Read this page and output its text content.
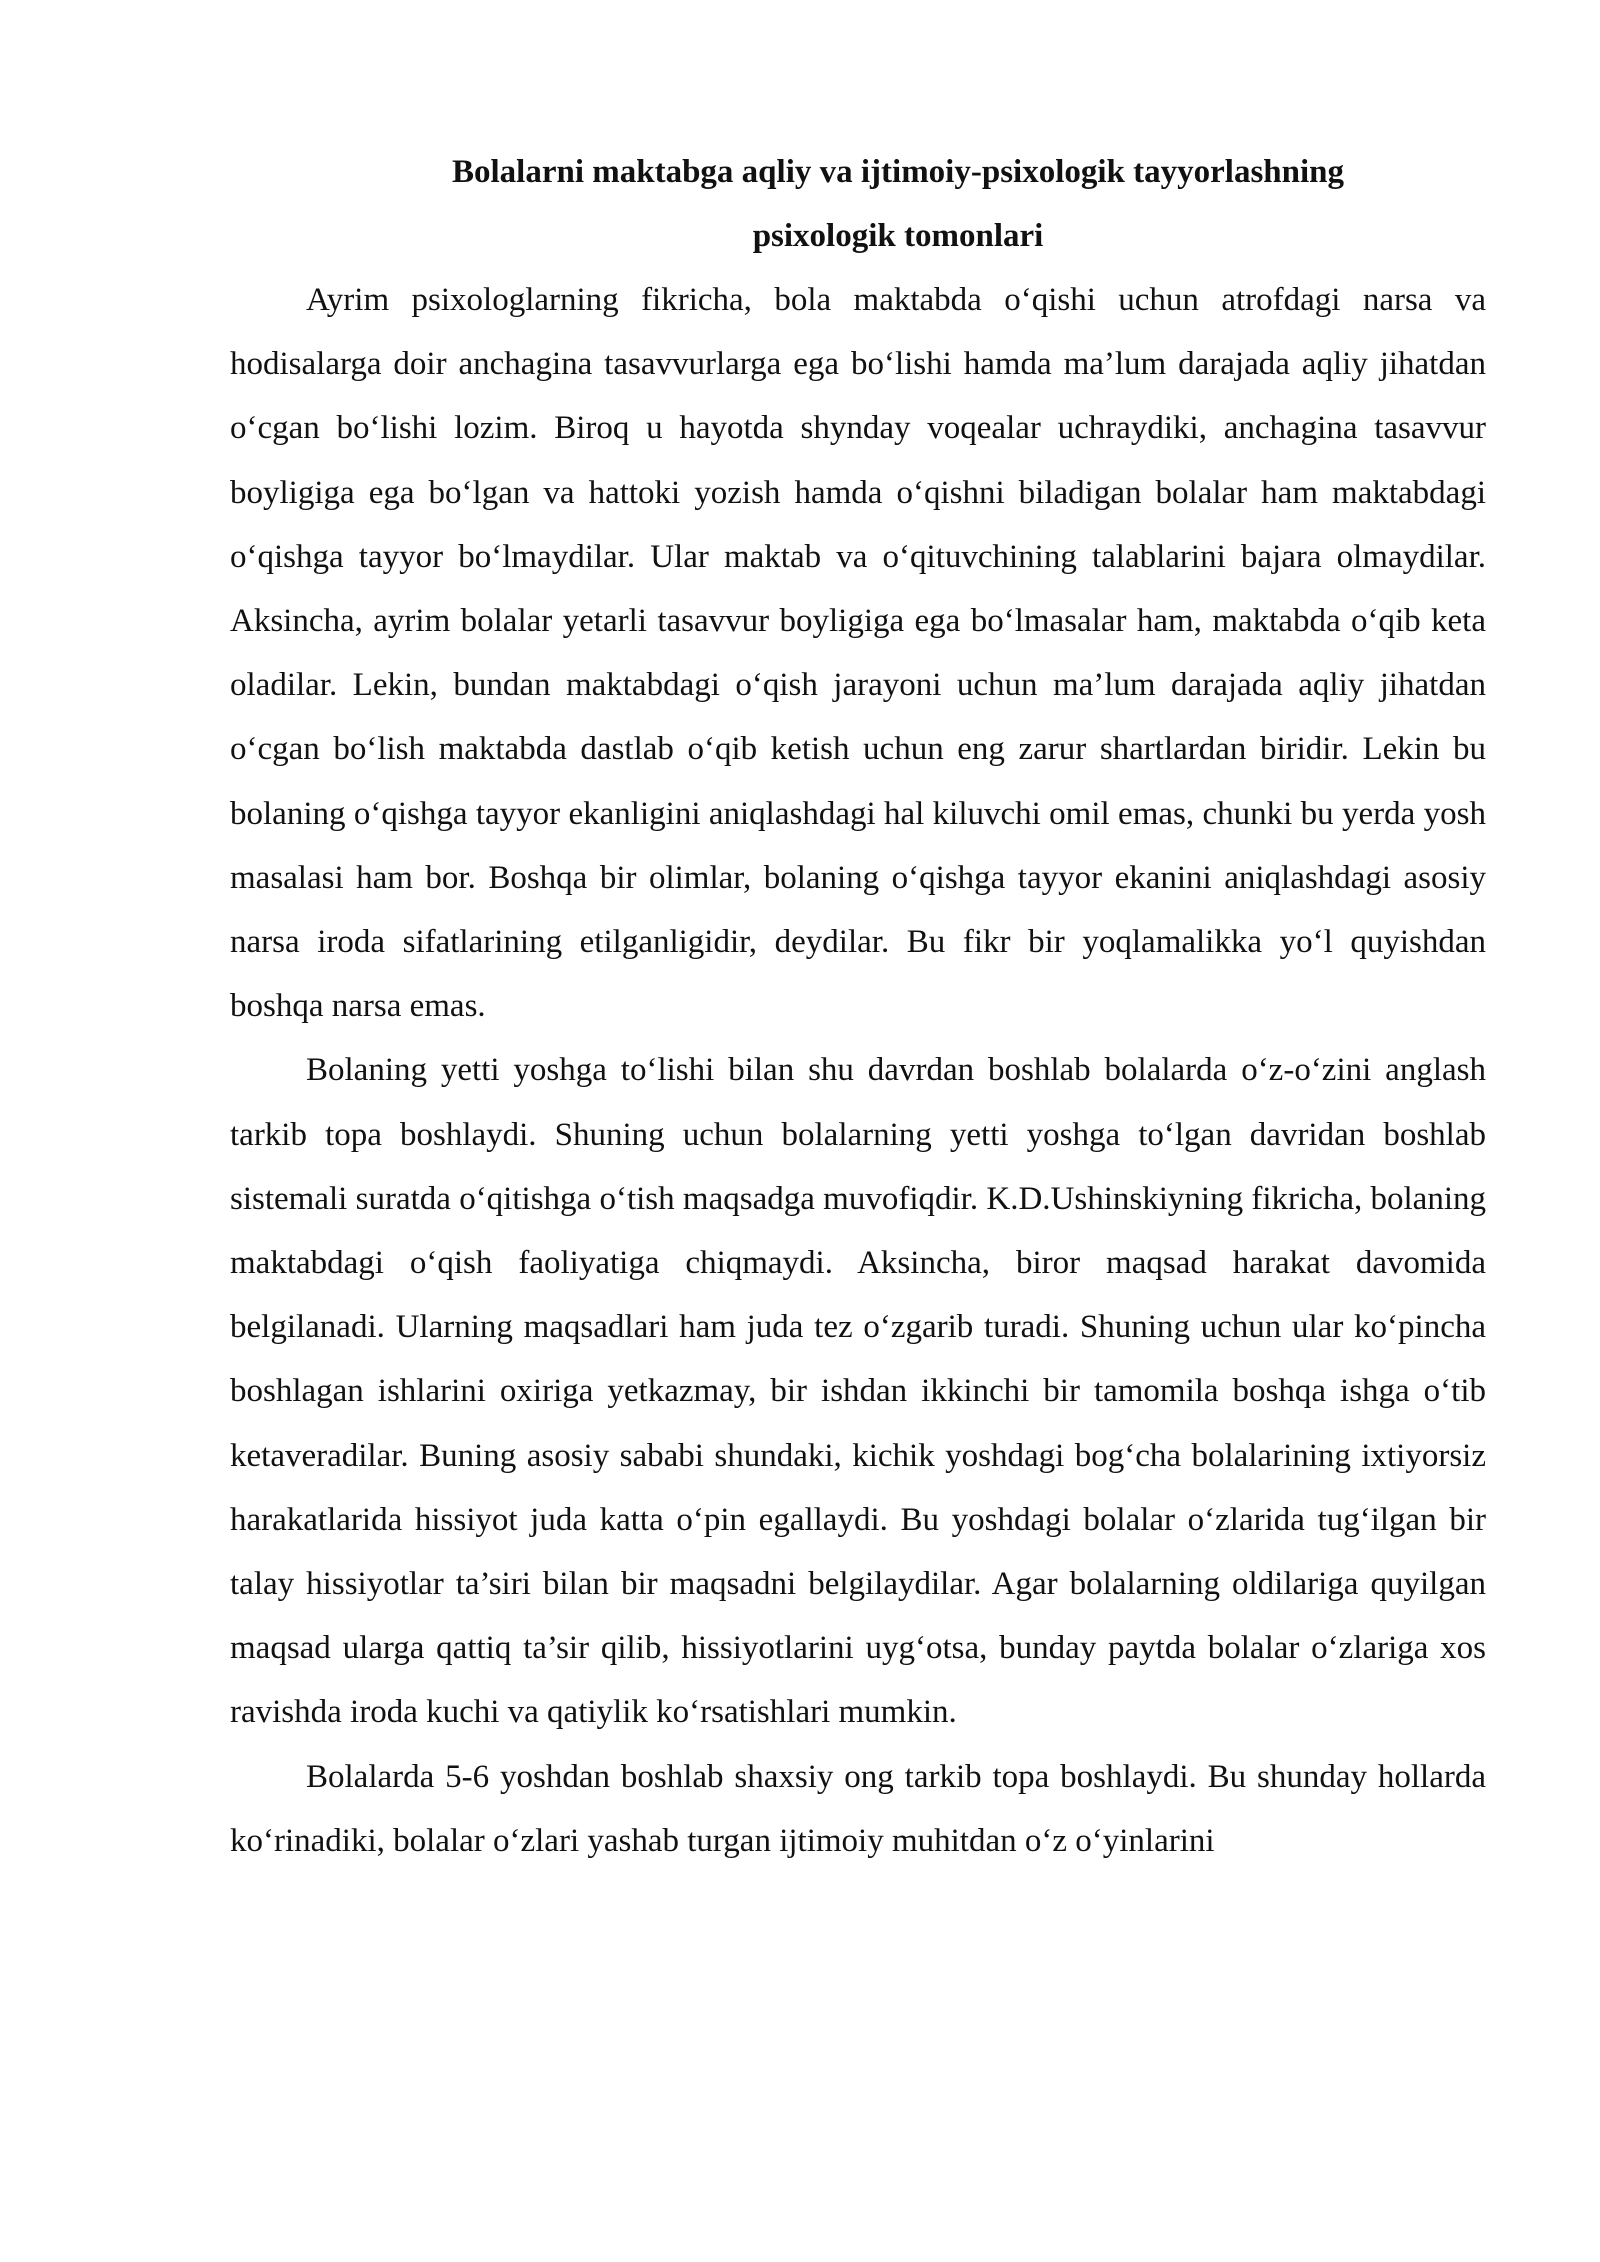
Bolalarni maktabga aqliy va ijtimoiy-psixologik tayyorlashning
psixologik tomonlari

Ayrim psixologlarning fikricha, bola maktabda o‘qishi uchun atrofdagi narsa va hodisalarga doir anchagina tasavvurlarga ega bo‘lishi hamda ma’lum darajada aqliy jihatdan o‘cgan bo‘lishi lozim. Biroq u hayotda shynday voqealar uchraydiki, anchagina tasavvur boyligiga ega bo‘lgan va hattoki yozish hamda o‘qishni biladigan bolalar ham maktabdagi o‘qishga tayyor bo‘lmaydilar. Ular maktab va o‘qituvchining talablarini bajara olmaydilar. Aksincha, ayrim bolalar yetarli tasavvur boyligiga ega bo‘lmasalar ham, maktabda o‘qib keta oladilar. Lekin, bundan maktabdagi o‘qish jarayoni uchun ma’lum darajada aqliy jihatdan o‘cgan bo‘lish maktabda dastlab o‘qib ketish uchun eng zarur shartlardan biridir. Lekin bu bolaning o‘qishga tayyor ekanligini aniqlashdagi hal kiluvchi omil emas, chunki bu yerda yosh masalasi ham bor. Boshqa bir olimlar, bolaning o‘qishga tayyor ekanini aniqlashdagi asosiy narsa iroda sifatlarining etilganligidir, deydilar. Bu fikr bir yoqlamalikka yo‘l quyishdan boshqa narsa emas.

Bolaning yetti yoshga to‘lishi bilan shu davrdan boshlab bolalarda o‘z-o‘zini anglash tarkib topa boshlaydi. Shuning uchun bolalarning yetti yoshga to‘lgan davridan boshlab sistemali suratda o‘qitishga o‘tish maqsadga muvofiqdir. K.D.Ushinskiyning fikricha, bolaning maktabdagi o‘qish faoliyatiga chiqmaydi. Aksincha, biror maqsad harakat davomida belgilanadi. Ularning maqsadlari ham juda tez o‘zgarib turadi. Shuning uchun ular ko‘pincha boshlagan ishlarini oxiriga yetkazmay, bir ishdan ikkinchi bir tamomila boshqa ishga o‘tib ketaveradilar. Buning asosiy sababi shundaki, kichik yoshdagi bog‘cha bolalarining ixtiyorsiz harakatlarida hissiyot juda katta o‘pin egallaydi. Bu yoshdagi bolalar o‘zlarida tug‘ilgan bir talay hissiyotlar ta’siri bilan bir maqsadni belgilaydilar. Agar bolalarning oldilariga quyilgan maqsad ularga qattiq ta’sir qilib, hissiyotlarini uyg‘otsa, bunday paytda bolalar o‘zlariga xos ravishda iroda kuchi va qatiylik ko‘rsatishlari mumkin.

Bolalarda 5-6 yoshdan boshlab shaxsiy ong tarkib topa boshlaydi. Bu shunday hollarda ko‘rinadiki, bolalar o‘zlari yashab turgan ijtimoiy muhitdan o‘z o‘yinlarini
